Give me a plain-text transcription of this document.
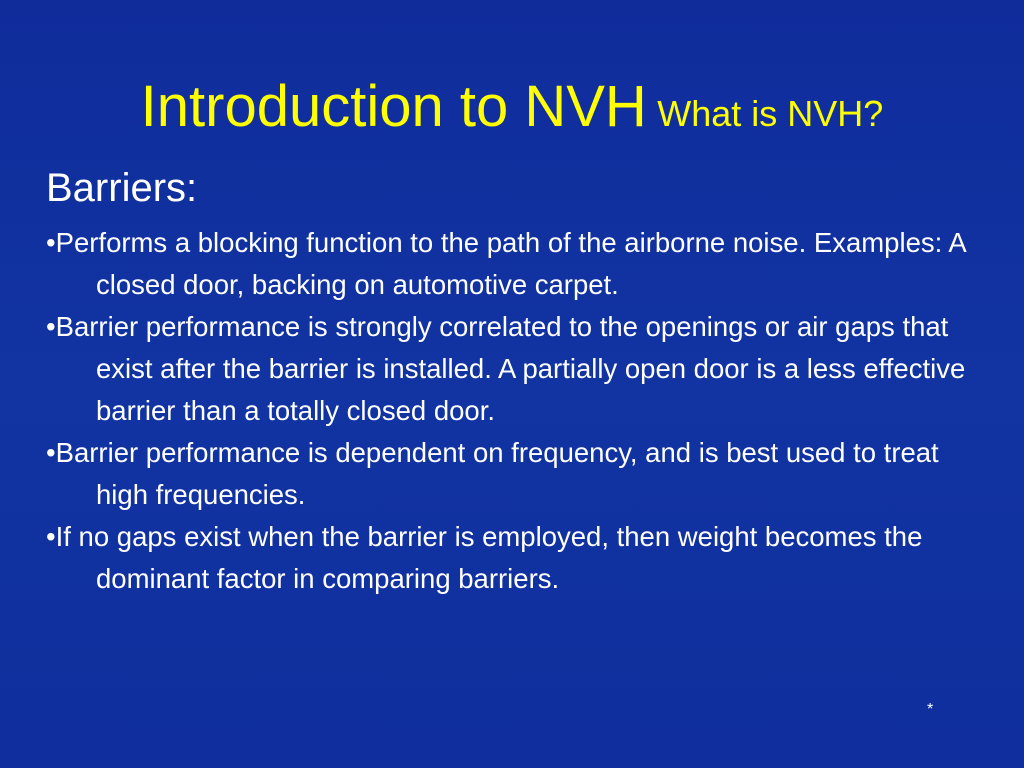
Introduction to NVH What is NVH?
Barriers:
•Performs a blocking function to the path of the airborne noise. Examples: A closed door, backing on automotive carpet.
•Barrier performance is strongly correlated to the openings or air gaps that exist after the barrier is installed. A partially open door is a less effective barrier than a totally closed door.
•Barrier performance is dependent on frequency, and is best used to treat high frequencies.
•If no gaps exist when the barrier is employed, then weight becomes the dominant factor in comparing barriers.
*
